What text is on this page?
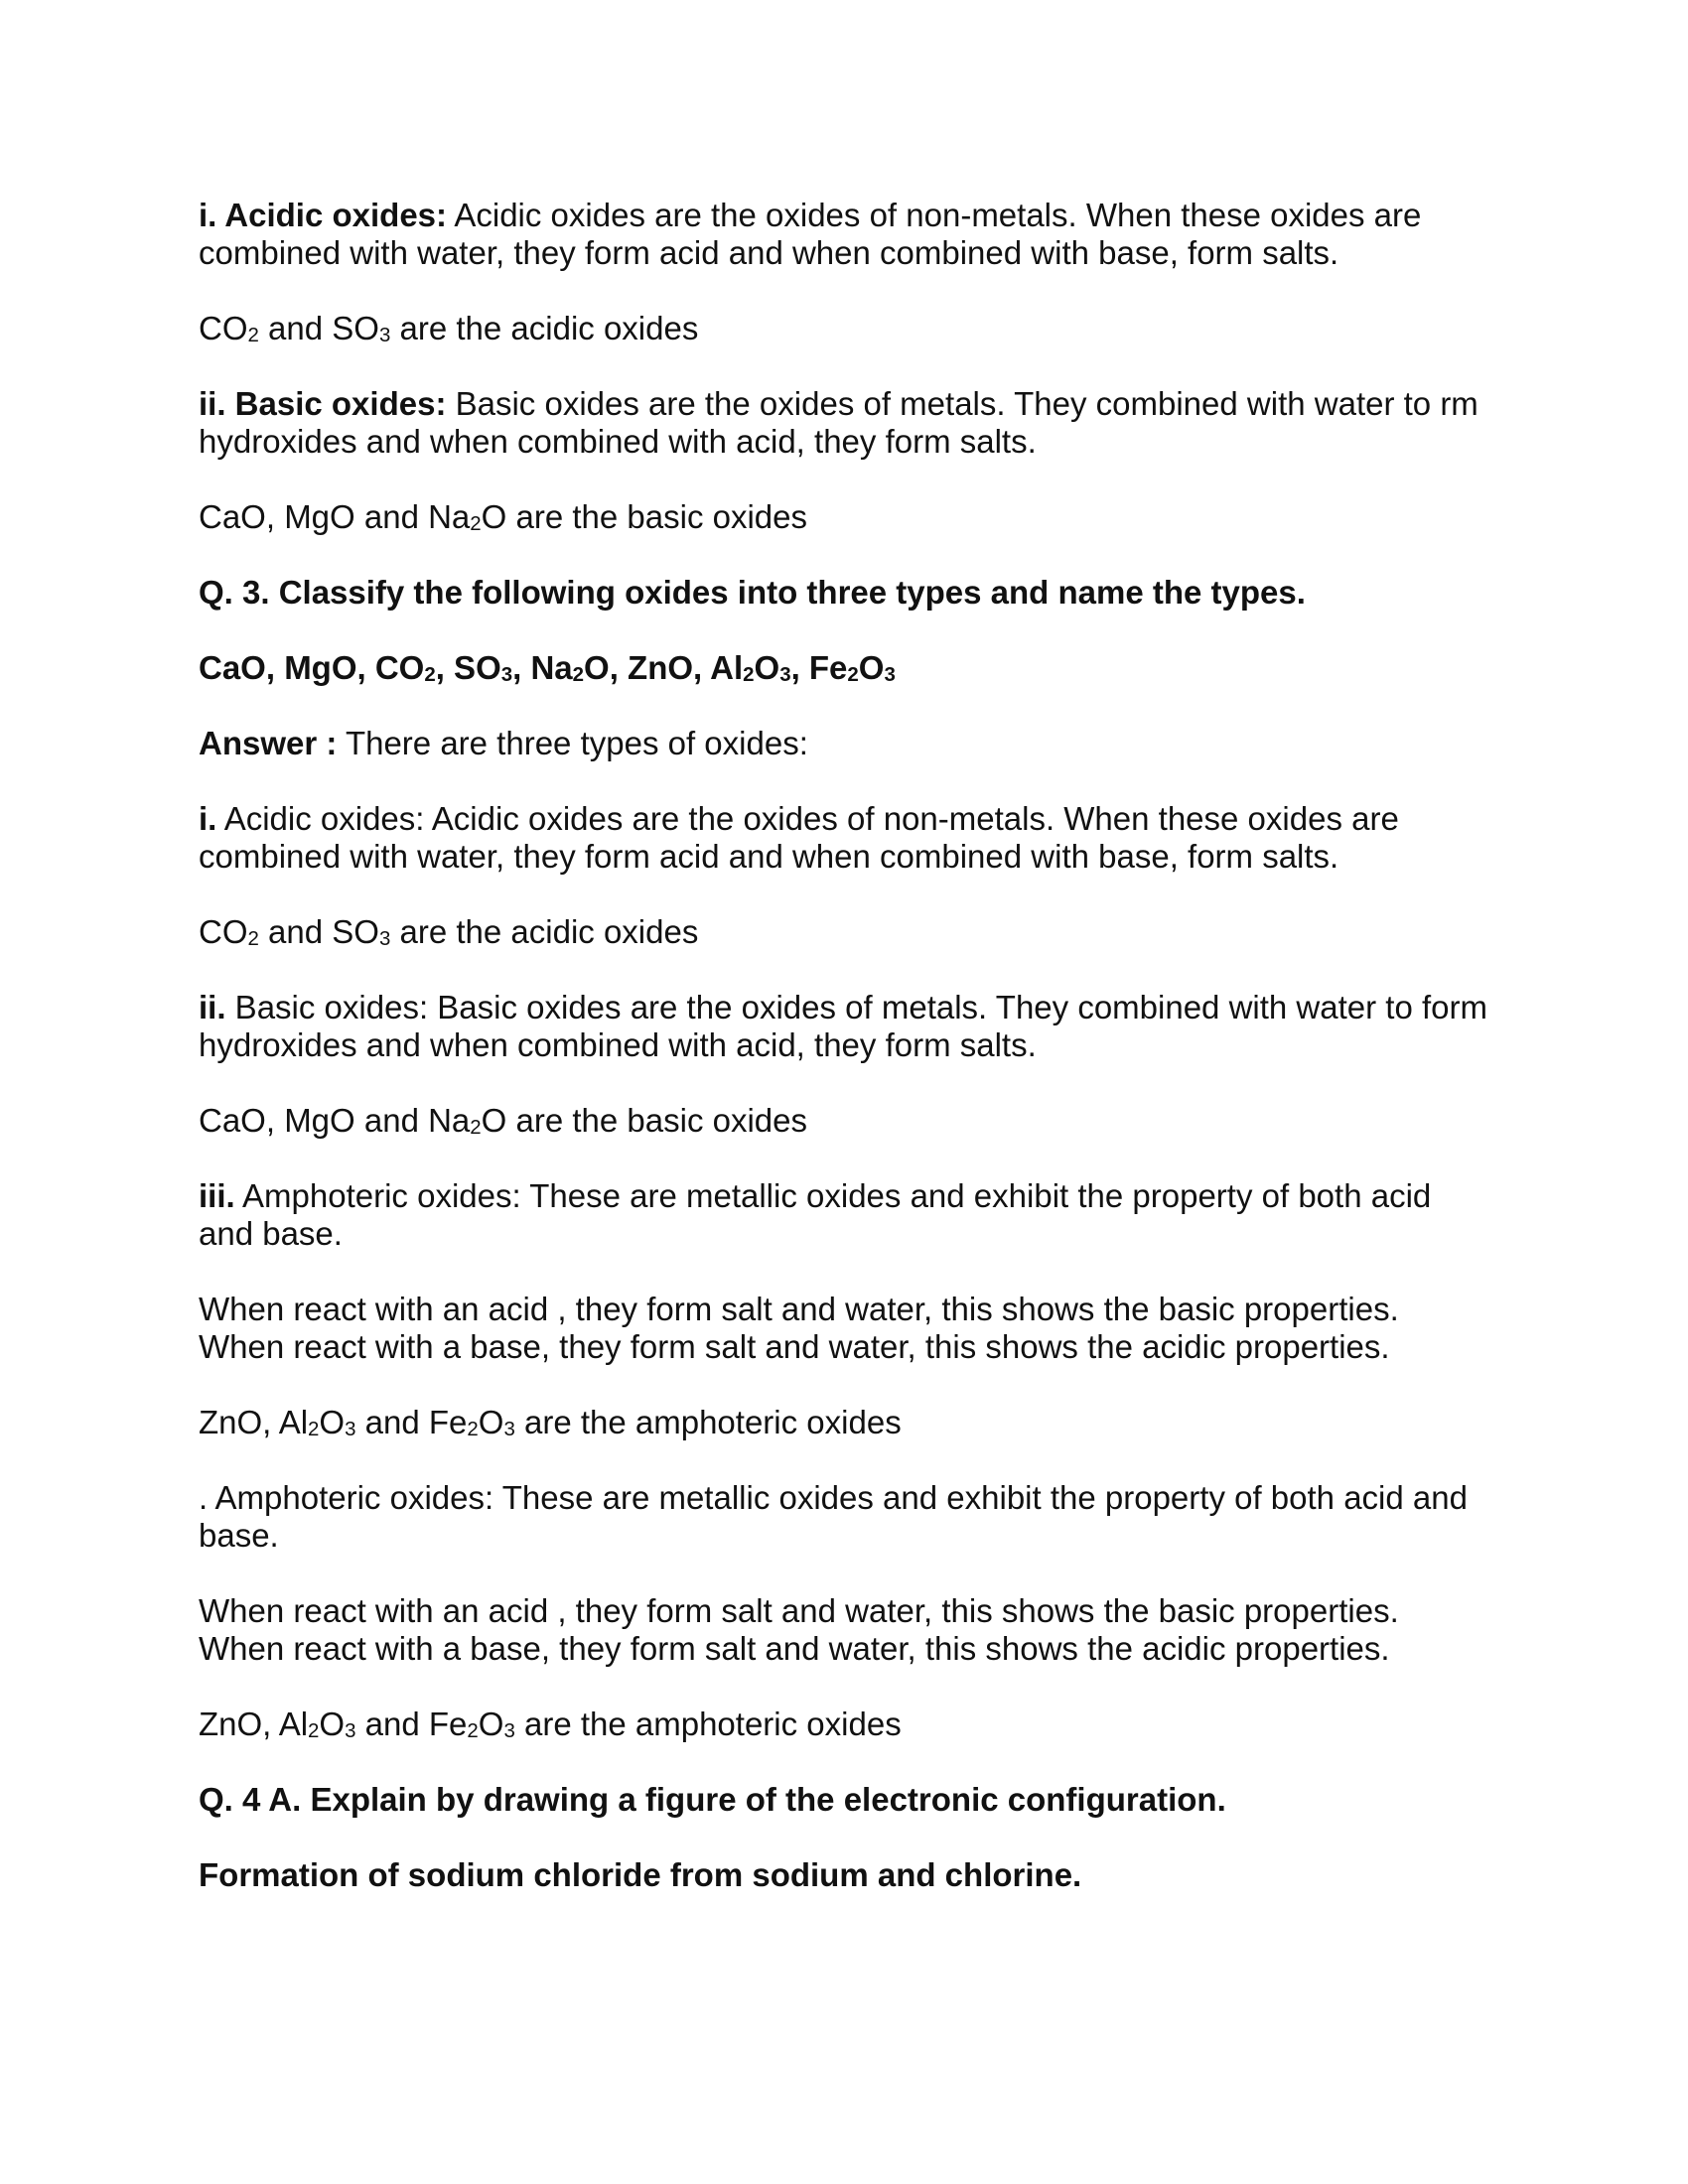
i. Acidic oxides: Acidic oxides are the oxides of non-metals. When these oxides are combined with water, they form acid and when combined with base, form salts.

$CO_2$ and $SO_3$ are the acidic oxides

ii. Basic oxides: Basic oxides are the oxides of metals. They combined with water to rm hydroxides and when combined with acid, they form salts.

CaO, MgO and $Na_2O$ are the basic oxides

Q. 3. Classify the following oxides into three types and name the types.

CaO, MgO, $CO_2$, $SO_3$, $Na_2O$, ZnO, $Al_2O_3$, $Fe_2O_3$

Answer : There are three types of oxides:

i. Acidic oxides: Acidic oxides are the oxides of non-metals. When these oxides are combined with water, they form acid and when combined with base, form salts.

$CO_2$ and $SO_3$ are the acidic oxides

ii. Basic oxides: Basic oxides are the oxides of metals. They combined with water to form hydroxides and when combined with acid, they form salts.

CaO, MgO and $Na_2O$ are the basic oxides

iii. Amphoteric oxides: These are metallic oxides and exhibit the property of both acid and base.

When react with an acid , they form salt and water, this shows the basic properties. When react with a base, they form salt and water, this shows the acidic properties.

ZnO, $Al_2O_3$ and $Fe_2O_3$ are the amphoteric oxides

. Amphoteric oxides: These are metallic oxides and exhibit the property of both acid and base.

When react with an acid , they form salt and water, this shows the basic properties. When react with a base, they form salt and water, this shows the acidic properties.

ZnO, $Al_2O_3$ and $Fe_2O_3$ are the amphoteric oxides

Q. 4 A. Explain by drawing a figure of the electronic configuration.

Formation of sodium chloride from sodium and chlorine.
